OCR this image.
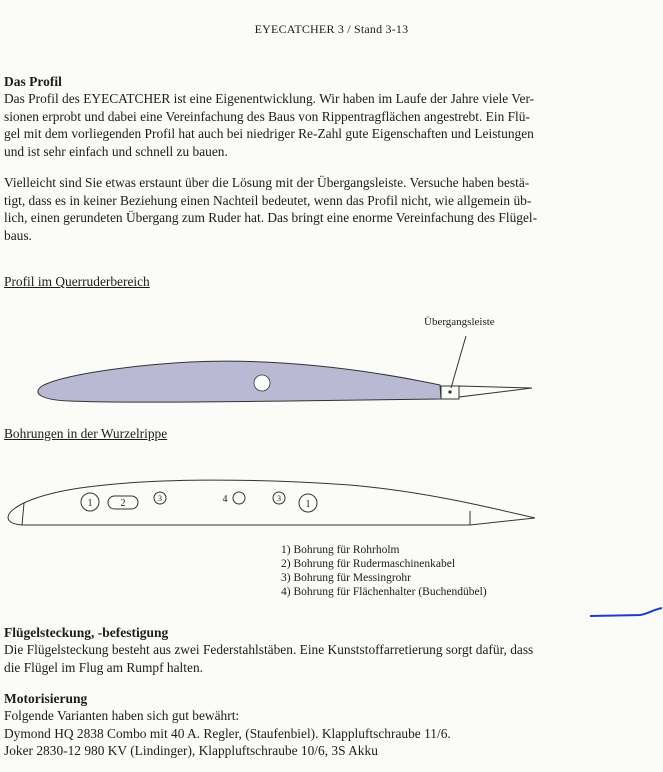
EYECATCHER 3 / Stand 3-13
Das Profil
Das Profil des EYECATCHER ist eine Eigenentwicklung. Wir haben im Laufe der Jahre viele Ver-
sionen erprobt und dabei eine Vereinfachung des Baus von Rippentragflächen angestrebt. Ein Flü-
gel mit dem vorliegenden Profil hat auch bei niedriger Re-Zahl gute Eigenschaften und Leistungen
und ist sehr einfach und schnell zu bauen.
Vielleicht sind Sie etwas erstaunt über die Lösung mit der Übergangsleiste. Versuche haben bestä-
tigt, dass es in keiner Beziehung einen Nachteil bedeutet, wenn das Profil nicht, wie allgemein üb-
lich, einen gerundeten Übergang zum Ruder hat. Das bringt eine enorme Vereinfachung des Flügel-
baus.
Profil im Querruderbereich
Übergangsleiste
Bohrungen in der Wurzelrippe
1	2	3	4	3
1
1) Bohrung für Rohrholm
2) Bohrung für Rudermaschinenkabel
3) Bohrung für Messingrohr
4) Bohrung für Flächenhalter (Buchendübel)
Flügelsteckung, -befestigung
Die Flügelsteckung besteht aus zwei Federstahlstäben. Eine Kunststoffarretierung sorgt dafür, dass
die Flügel im Flug am Rumpf halten.
Motorisierung
Folgende Varianten haben sich gut bewährt:
Dymond HQ 2838 Combo mit 40 A. Regler, (Staufenbiel). Klappluftschraube 11/6.
Joker 2830-12 980 KV (Lindinger), Klappluftschraube 10/6, 3S Akku
